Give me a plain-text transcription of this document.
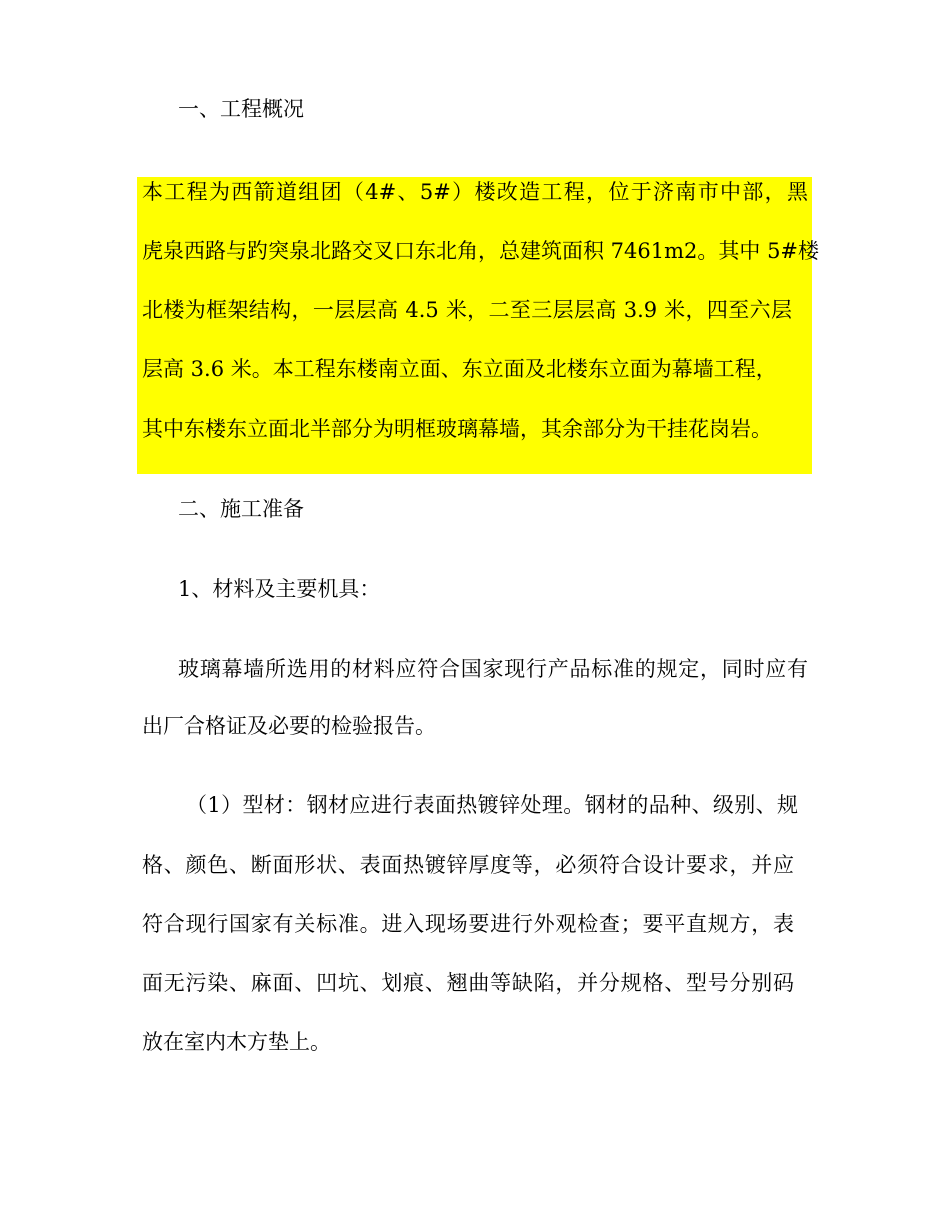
一、工程概况

本工程为西箭道组团（4#、5#）楼改造工程，位于济南市中部，黑

虎泉西路与趵突泉北路交叉口东北角，总建筑面积 7461m2。其中 5#楼

北楼为框架结构，一层层高 4.5 米，二至三层层高 3.9 米，四至六层

层高 3.6 米。本工程东楼南立面、东立面及北楼东立面为幕墙工程，

其中东楼东立面北半部分为明框玻璃幕墙，其余部分为干挂花岗岩。

二、施工准备

1、材料及主要机具：

玻璃幕墙所选用的材料应符合国家现行产品标准的规定，同时应有

出厂合格证及必要的检验报告。

（1）型材：钢材应进行表面热镀锌处理。钢材的品种、级别、规

格、颜色、断面形状、表面热镀锌厚度等，必须符合设计要求，并应

符合现行国家有关标准。进入现场要进行外观检查；要平直规方，表

面无污染、麻面、凹坑、划痕、翘曲等缺陷，并分规格、型号分别码

放在室内木方垫上。
